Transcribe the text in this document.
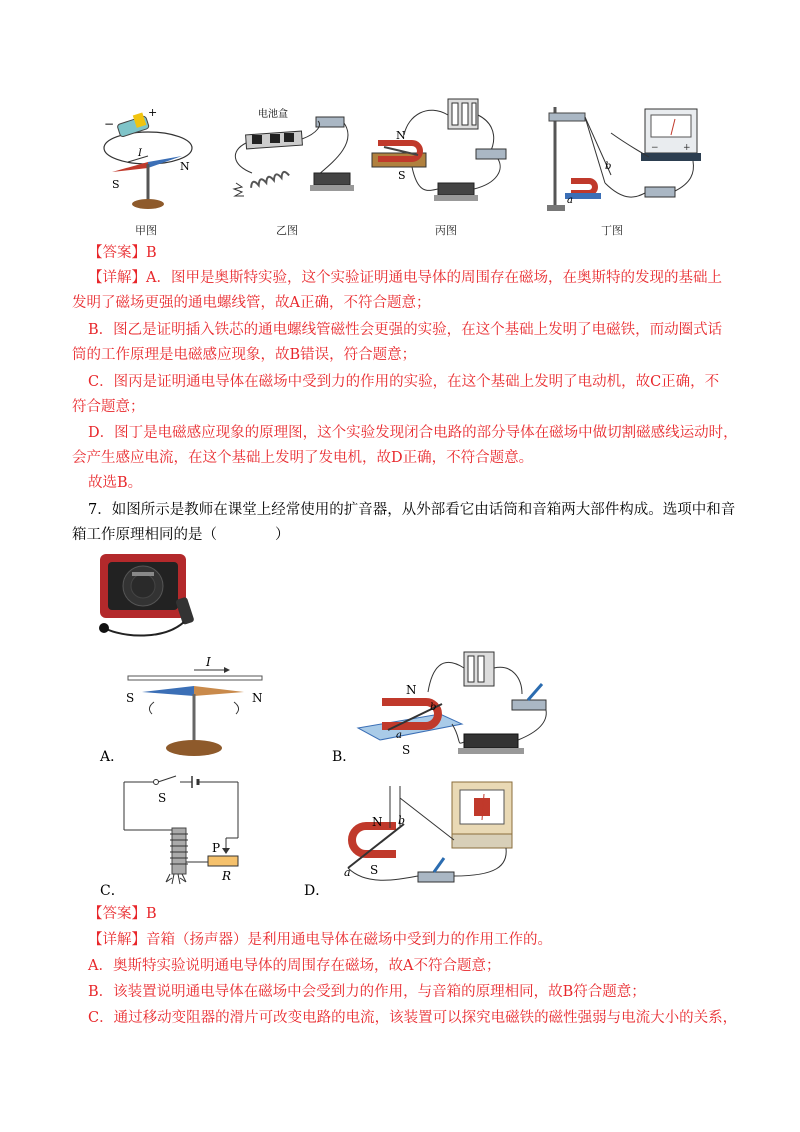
−
+
I
S
N
甲图
电池盒
乙图
N
S
丙图
b
a
−	+
丁图
【答案】B
【详解】A．图甲是奥斯特实验，这个实验证明通电导体的周围存在磁场，在奥斯特的发现的基础上
发明了磁场更强的通电螺线管，故A正确，不符合题意；
B．图乙是证明插入铁芯的通电螺线管磁性会更强的实验，在这个基础上发明了电磁铁，而动圈式话
筒的工作原理是电磁感应现象，故B错误，符合题意；
C．图丙是证明通电导体在磁场中受到力的作用的实验，在这个基础上发明了电动机，故C正确，不
符合题意；
D．图丁是电磁感应现象的原理图，这个实验发现闭合电路的部分导体在磁场中做切割磁感线运动时，
会产生感应电流，在这个基础上发明了发电机，故D正确，不符合题意。
故选B。
7．如图所示是教师在课堂上经常使用的扩音器，从外部看它由话筒和音箱两大部件构成。选项中和音
箱工作原理相同的是（　　　　）
I
S	N
A．
N
S
b
a
B．
S
P
R
C．
N
S
b
a
D．
【答案】B
【详解】音箱（扬声器）是利用通电导体在磁场中受到力的作用工作的。
A．奥斯特实验说明通电导体的周围存在磁场，故A不符合题意；
B．该装置说明通电导体在磁场中会受到力的作用，与音箱的原理相同，故B符合题意；
C．通过移动变阻器的滑片可改变电路的电流，该装置可以探究电磁铁的磁性强弱与电流大小的关系，
